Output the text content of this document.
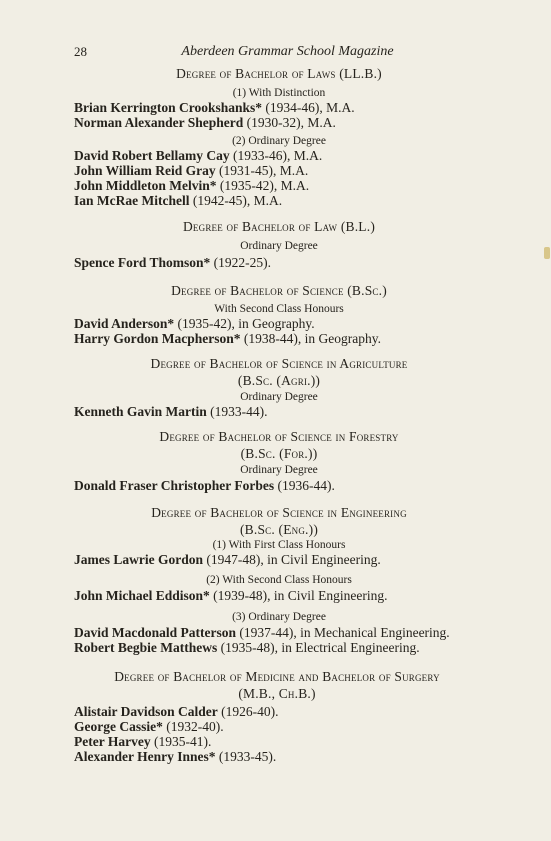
28	Aberdeen Grammar School Magazine
Degree of Bachelor of Laws (LL.B.)
(1) With Distinction
Brian Kerrington Crookshanks* (1934-46), M.A.
Norman Alexander Shepherd (1930-32), M.A.
(2) Ordinary Degree
David Robert Bellamy Cay (1933-46), M.A.
John William Reid Gray (1931-45), M.A.
John Middleton Melvin* (1935-42), M.A.
Ian McRae Mitchell (1942-45), M.A.
Degree of Bachelor of Law (B.L.)
Ordinary Degree
Spence Ford Thomson* (1922-25).
Degree of Bachelor of Science (B.Sc.)
With Second Class Honours
David Anderson* (1935-42), in Geography.
Harry Gordon Macpherson* (1938-44), in Geography.
Degree of Bachelor of Science in Agriculture
(B.Sc. (Agri.))
Ordinary Degree
Kenneth Gavin Martin (1933-44).
Degree of Bachelor of Science in Forestry
(B.Sc. (For.))
Ordinary Degree
Donald Fraser Christopher Forbes (1936-44).
Degree of Bachelor of Science in Engineering
(B.Sc. (Eng.))
(1) With First Class Honours
James Lawrie Gordon (1947-48), in Civil Engineering.
(2) With Second Class Honours
John Michael Eddison* (1939-48), in Civil Engineering.
(3) Ordinary Degree
David Macdonald Patterson (1937-44), in Mechanical Engineering.
Robert Begbie Matthews (1935-48), in Electrical Engineering.
Degree of Bachelor of Medicine and Bachelor of Surgery
(M.B., Ch.B.)
Alistair Davidson Calder (1926-40).
George Cassie* (1932-40).
Peter Harvey (1935-41).
Alexander Henry Innes* (1933-45).
